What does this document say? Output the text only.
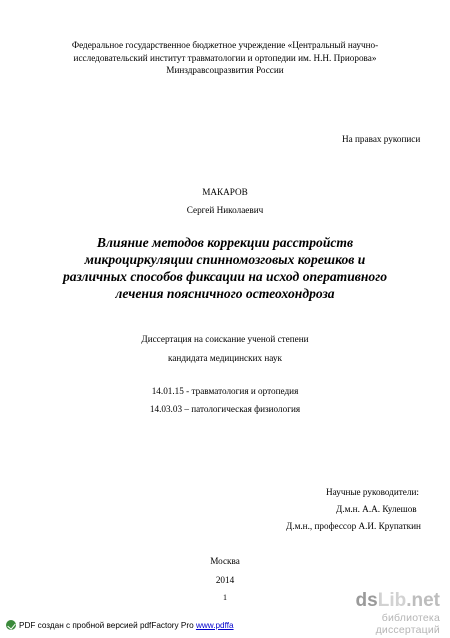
Федеральное государственное бюджетное учреждение «Центральный научно-
исследовательский институт травматологии и ортопедии им. Н.Н. Приорова»
Минздравсоцразвития России
На правах рукописи
МАКАРОВ
Сергей Николаевич
Влияние методов коррекции расстройств
микроциркуляции спинномозговых корешков и
различных способов фиксации на исход оперативного
лечения поясничного остеохондроза
Диссертация на соискание ученой степени
кандидата медицинских наук
14.01.15 - травматология и ортопедия
14.03.03 – патологическая физиология
Научные руководители:
Д.м.н. А.А. Кулешов
Д.м.н., профессор А.И. Крупаткин
Москва
2014
1
PDF создан с пробной версией pdfFactory Pro www.pdffa
dsLib.net
библиотека диссертаций
